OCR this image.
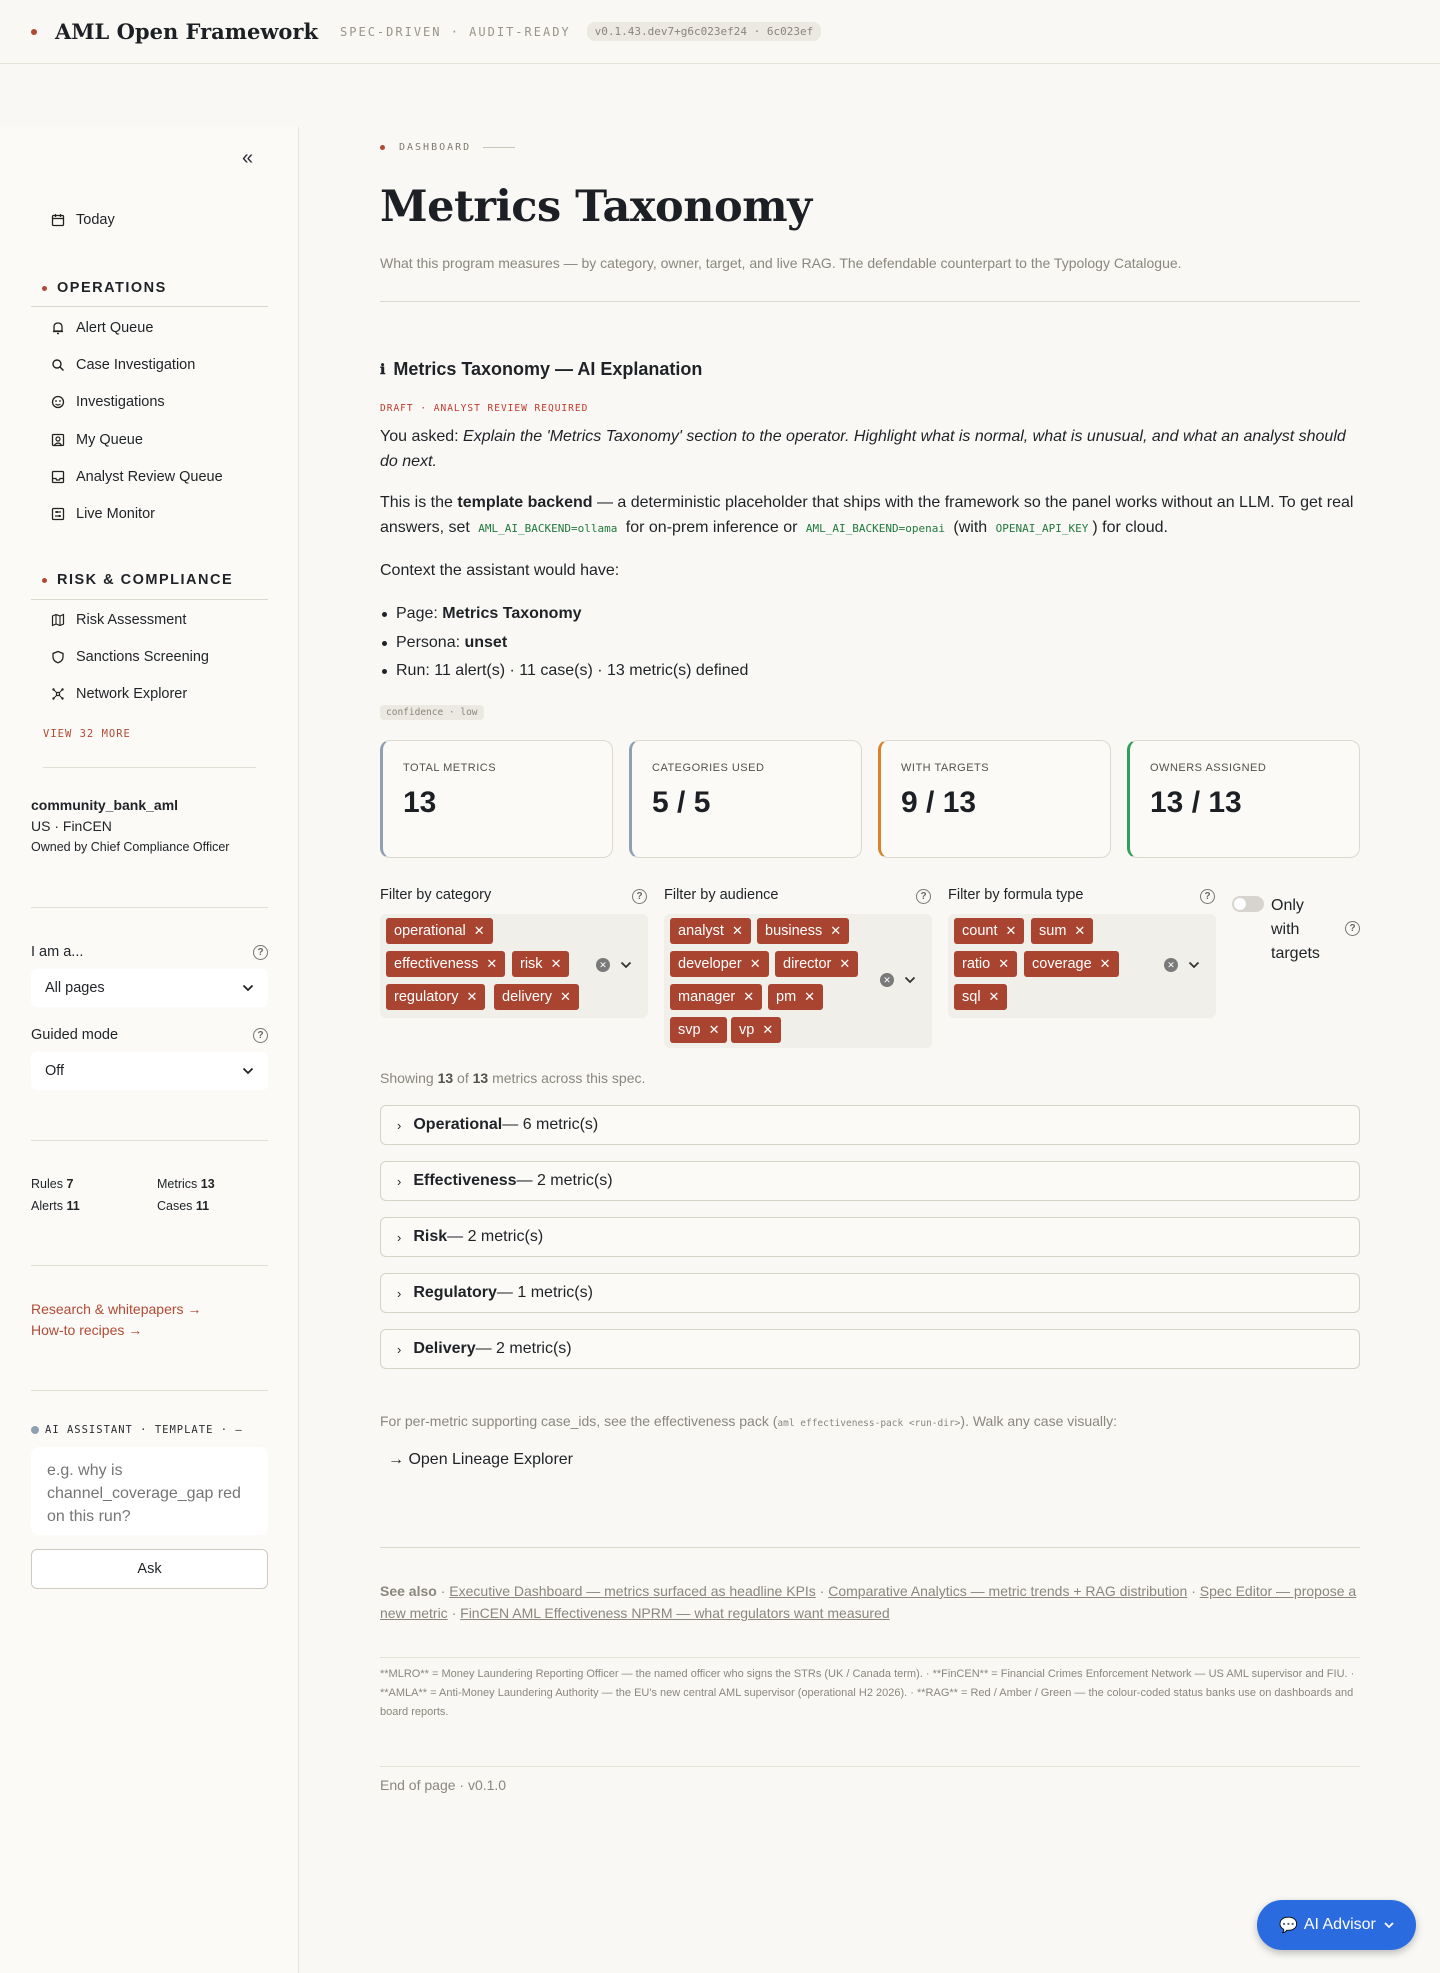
AML Open Framework SPEC-DRIVEN · AUDIT-READY	v0.1.43.dev7+g6c023ef24 · 6c023ef
«
Today
OPERATIONS
Alert Queue
Case Investigation
Investigations
My Queue
Analyst Review Queue
Live Monitor
RISK & COMPLIANCE
Risk Assessment
Sanctions Screening
Network Explorer
VIEW 32 MORE
community_bank_aml
US · FinCEN
Owned by Chief Compliance Officer
I am a...	?
All pages
Guided mode	?
Off
Rules 7	Metrics 13
Alerts 11	Cases 11
Research & whitepapers →
How-to recipes →
AI ASSISTANT · TEMPLATE · —
e.g. why is channel_coverage_gap red on this run?
Ask
DASHBOARD
Metrics Taxonomy
What this program measures — by category, owner, target, and live RAG. The defendable counterpart to the Typology Catalogue.
ℹ Metrics Taxonomy — AI Explanation
DRAFT · ANALYST REVIEW REQUIRED
You asked: Explain the 'Metrics Taxonomy' section to the operator. Highlight what is normal, what is unusual, and what an analyst should do next.
This is the template backend — a deterministic placeholder that ships with the framework so the panel works without an LLM. To get real answers, set AML_AI_BACKEND=ollama for on-prem inference or AML_AI_BACKEND=openai (with OPENAI_API_KEY ) for cloud.
Context the assistant would have:
Page: Metrics Taxonomy
Persona: unset
Run: 11 alert(s) · 11 case(s) · 13 metric(s) defined
confidence · low
TOTAL METRICS
13
CATEGORIES USED
5 / 5
WITH TARGETS
9 / 13
OWNERS ASSIGNED
13 / 13
Filter by category	?
operational ✕
effectiveness ✕ risk ✕
regulatory ✕ delivery ✕
✕
Filter by audience	?
analyst ✕ business ✕
developer ✕ director ✕
manager ✕ pm ✕
svp ✕ vp ✕
✕
Filter by formula type	?
count ✕ sum ✕
ratio ✕ coverage ✕
sql ✕
✕
Only with targets
?
Showing 13 of 13 metrics across this spec.
› Operational — 6 metric(s)
› Effectiveness — 2 metric(s)
› Risk — 2 metric(s)
› Regulatory — 1 metric(s)
› Delivery — 2 metric(s)
For per-metric supporting case_ids, see the effectiveness pack (aml effectiveness-pack <run-dir>). Walk any case visually:
→ Open Lineage Explorer
See also · Executive Dashboard — metrics surfaced as headline KPIs · Comparative Analytics — metric trends + RAG distribution · Spec Editor — propose a new metric · FinCEN AML Effectiveness NPRM — what regulators want measured
**MLRO** = Money Laundering Reporting Officer — the named officer who signs the STRs (UK / Canada term). · **FinCEN** = Financial Crimes Enforcement Network — US AML supervisor and FIU. · **AMLA** = Anti-Money Laundering Authority — the EU's new central AML supervisor (operational H2 2026). · **RAG** = Red / Amber / Green — the colour-coded status banks use on dashboards and board reports.
End of page · v0.1.0
💬 AI Advisor
